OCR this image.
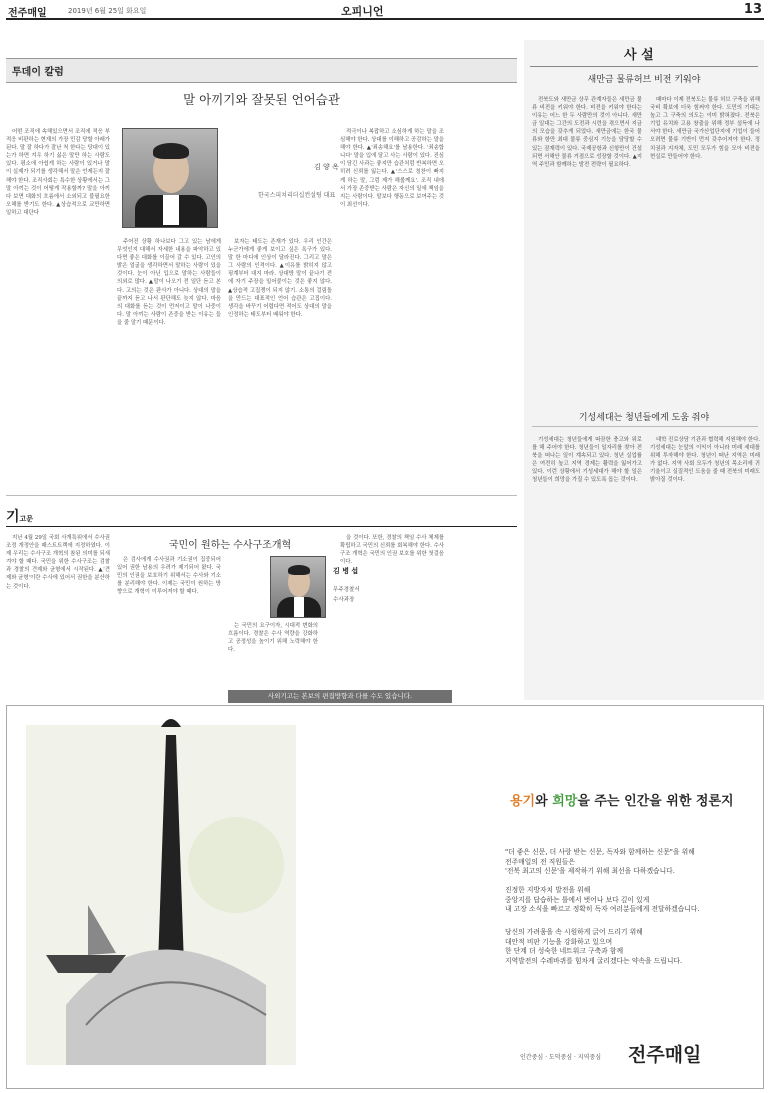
전주매일	2019년 6월 25일 화요일	오피니언	13
투데이 칼럼
말 아끼기와 잘못된 언어습관

어떤 조직에 속해있으면서 조직에 적응 부적응 비판하는 현재의 가장 민감 당할 아래가 된다. 말 잘 하다가 잘난 척 한다는 당대이 있는가 하면 겨우 하기 싫은 말만 하는 사람도 있다. 평소에 아쉽게 하는 사람이 있거나 말이 실제가 되기를 생각해서 말은 언제든지 잘 해야 한다. 조직사회는 특수한 상황에서는 그 말 아끼는 것이 어떻게 작용할까? 말을 아끼다 보면 대화의 흐름에서 소외되고 불필요한 오해를 받기도 한다. ▲상습적으로 교만하면 일하고 대단다

김 양 옥
한국스피치리더십컨설팅 대표

주어진 상황 하나보다 그고 있는 남에게 무엇인지 대해서 자세한 내용을 파악하고 있다면 좋은 대화를 이끌어 갈 수 있다. 고인의 밝은 얼굴을 생각하면서 말하는 사람이 있을 것이다. 눈이 아닌 입으로 말하는 사람들이 의외로 많다. ▲말이 나오기 전 일단 듣고 본다. 고의는 것은 판사가 아니다. 상대의 말을 끝까지 듣고 나서 판단해도 늦지 않다. 마음의 대화를 듣는 것이 먼저이고 말이 나중이다. 말 아끼는 사람이 존중을 받는 이유는 들을 줄 알기 때문이다.

보자는 태도는 존재가 있다. 우리 인간은 누군가에게 좋게 보이고 싶은 욕구가 있다. 말 한 마디에 인상이 달라진다. 그리고 말은 그 사람의 인격이다. ▲이유를 밝히지 않고 핑계부터 대지 마라. 상대방 말이 끝나기 전에 자기 주장을 밀어붙이는 것은 좋지 않다. ▲상습적 고집쟁이 되지 않기. 소통의 걸림돌을 만드는 대표적인 언어 습관은 고집이다. 생각을 바꾸기 어렵다면 적어도 상대의 말을 인정하는 태도부터 배워야 한다.

적극이나 복잡하고 소심하게 하는 말을 조심해야 한다. 상대를 이해하고 공감하는 말을 해야 한다. ▲'죄송해요'를 남용한다. '죄송합니다' 말을 입에 달고 사는 사람이 있다. 진심이 담긴 사과는 좋지만 습관처럼 반복하면 오히려 신뢰를 잃는다. ▲'스스로 칭찬이 빠지게 하는 말, 그럼 제가 해볼께요'. 조직 내에서 가장 존중받는 사람은 자신의 일에 책임을 지는 사람이다. 말보다 행동으로 보여주는 것이 최선이다.

사 설
새만금 물류허브 비전 키워야

전북도와 새만금 상무 관계자들은 새만금 물류 비전을 키워야 한다. 비전을 키워야 한다는 이유는 어느 한 두 사람만의 것이 아니다. 새만금 일대는 그간의 도전과 시련을 겪으면서 지금의 모습을 갖추게 되었다. 새만금에는 한국 물류와 항만 최대 물류 중심지 기능을 담당할 수 있는 잠재력이 있다. 국제공항과 신항만이 건설되면 서해안 물류 거점으로 성장할 것이다. ▲지역 주민과 함께하는 발전 전략이 필요하다.

때마다 이제 전북도는 물류 허브 구축을 위해 국비 확보에 더욱 힘써야 한다. 도민의 기대는 높고 그 구축의 의도는 이미 밝혀졌다. 전북은 기업 유치와 고용 창출을 위해 정부 설득에 나서야 한다. 새만금 국가산업단지에 기업이 들어오려면 물류 기반이 먼저 갖추어져야 한다. 정치권과 지자체, 도민 모두가 힘을 모아 비전을 현실로 만들어야 한다.

기성세대는 청년들에게 도움 줘야

기성세대는 청년들에게 따끔한 충고와 위로를 해 주어야 한다. 청년들이 일자리를 찾아 전북을 떠나는 일이 계속되고 있다. 청년 실업률은 여전히 높고 지역 경제는 활력을 잃어가고 있다. 이런 상황에서 기성세대가 해야 할 일은 청년들이 희망을 가질 수 있도록 돕는 것이다.

대학 진로상담 기관과 협력해 지원해야 한다. 기성세대는 눈앞의 이익이 아니라 미래 세대를 위해 투자해야 한다. 청년이 떠난 지역은 미래가 없다. 지역 사회 모두가 청년의 목소리에 귀 기울이고 실질적인 도움을 줄 때 전북의 미래도 밝아질 것이다.

기고문
국민이 원하는 수사구조개혁

지난 4월 29일 국회 사개특위에서 수사권 조정 개정안을 패스트트랙에 지정하였다. 이제 우리는 수사구조 개혁의 참된 의미를 되새겨야 할 때다. 국민을 위한 수사구조는 검찰과 경찰의 견제와 균형에서 시작된다. ▲'견제와 균형'이란 수사에 있어서 권한을 분산하는 것이다.

은 검사에게 수사권과 기소권이 집중되어 있어 권한 남용의 우려가 제기되어 왔다. 국민의 인권을 보호하기 위해서는 수사와 기소를 분리해야 한다. 이제는 국민이 원하는 방향으로 개혁이 이루어져야 할 때다.

는 국민의 요구이자, 시대적 변화의 흐름이다. 경찰은 수사 역량을 강화하고 공정성을 높이기 위해 노력해야 한다.

김 병 섭
무주경찰서
수사과장

을 것이다. 또한, 경찰의 책임 수사 체제를 확립하고 국민의 신뢰를 회복해야 한다. 수사구조 개혁은 국민의 인권 보호를 위한 첫걸음이다.

사외기고는 본보의 편집방향과 다를 수도 있습니다.
용기와 희망을 주는 인간을 위한 정론지
"더 좋은 신문, 더 사랑 받는 신문, 독자와 함께하는 신문"을 위해
전주매일의 전 직원들은
'전북 최고의 신문'을 제작하기 위해 최선을 다하겠습니다.
진정한 지방자치 발전을 위해
중앙지를 답습하는 틀에서 벗어나 보다 깊이 있게
내 고장 소식을 빠르고 정확히 독자 여러분들에게 전달하겠습니다.
당신의 가려움을 속 시원하게 긁어 드리기 위해
대안적 비판 기능을 강화하고 있으며
한 단계 더 성숙한 네트워크 구축과 함께
지역발전의 수레바퀴를 힘차게 굴리겠다는 약속을 드립니다.
인간중심 · 도덕중심 · 지역중심 전주매일
